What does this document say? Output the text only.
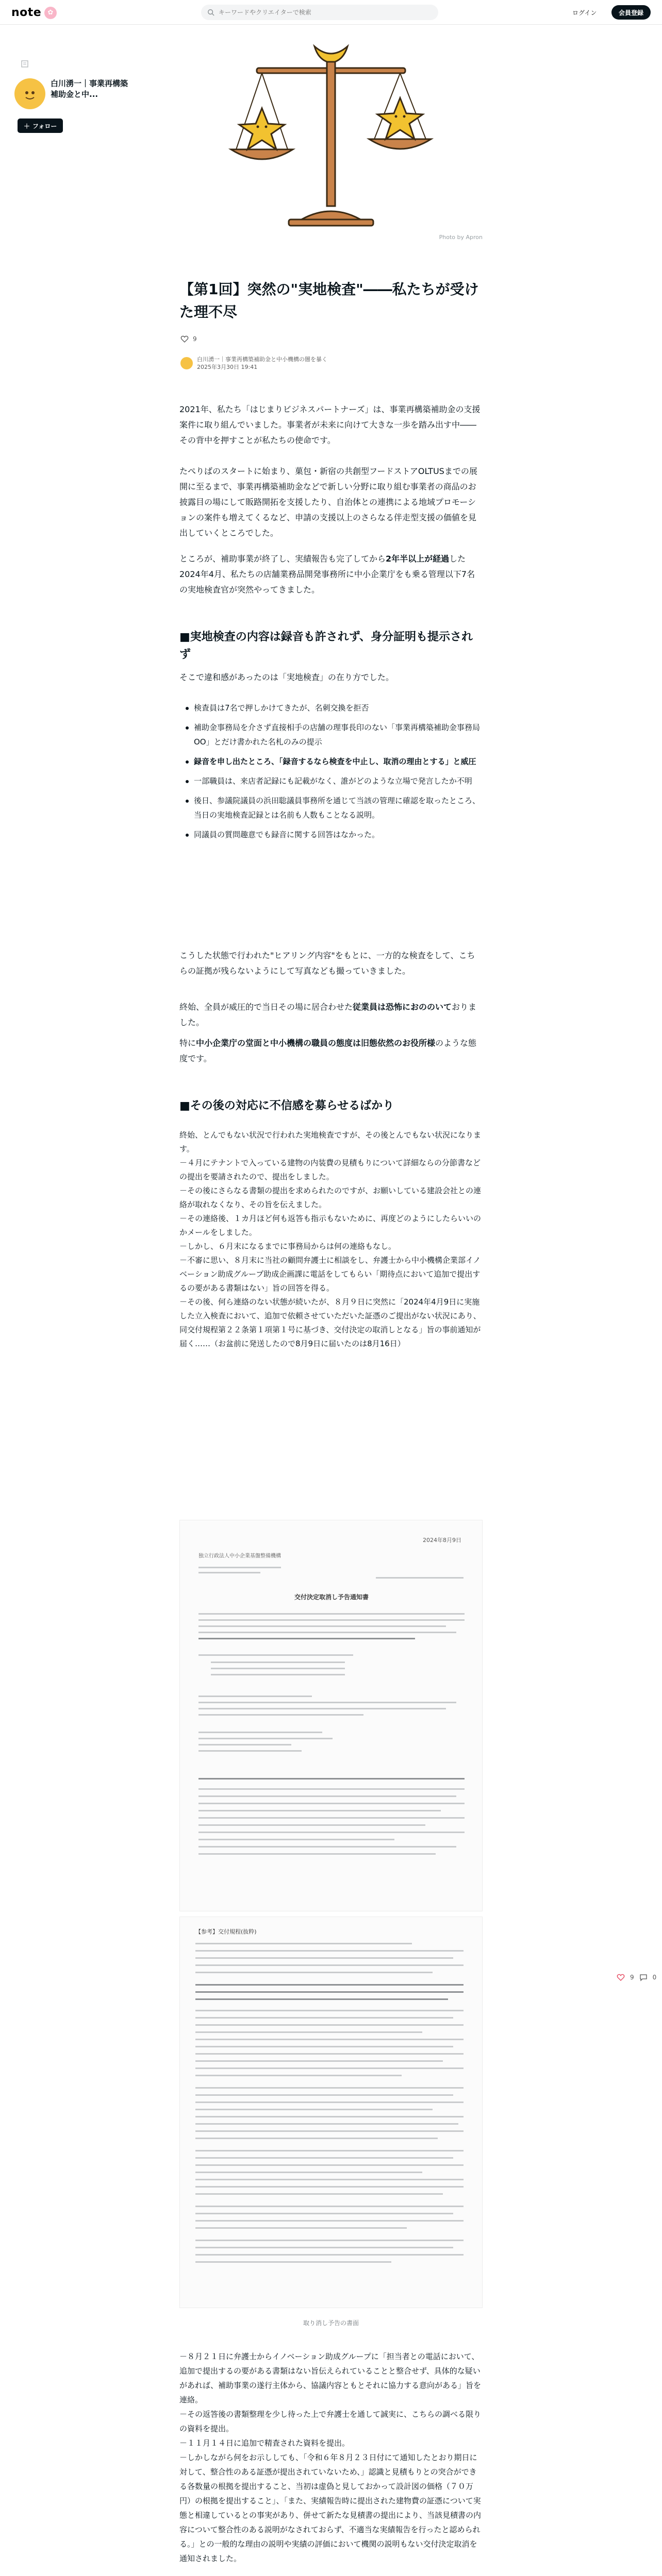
note ✿
キーワードやクリエイターで検索	ログイン	会員登録
白川湧一｜事業再構築補助金と中...
＋ フォロー
Photo by Apron
【第1回】突然の"実地検査"――私たちが受けた理不尽
9
白川湧一｜事業再構築補助金と中小機構の闇を暴く
2025年3月30日 19:41
2021年、私たち「はじまりビジネスパートナーズ」は、事業再構築補助金の支援案件に取り組んでいました。事業者が未来に向けて大きな一歩を踏み出す中――その背中を押すことが私たちの使命です。
たぺりばのスタートに始まり、菓包・新宿の共創型フードストアOLTUSまでの展開に至るまで、事業再構築補助金などで新しい分野に取り組む事業者の商品のお披露目の場にして販路開拓を支援したり、自治体との連携による地域プロモーションの案件も増えてくるなど、申請の支援以上のさらなる伴走型支援の価値を見出していくところでした。
ところが、補助事業が終了し、実績報告も完了してから2年半以上が経過した2024年4月、私たちの店舗業務品開発事務所に中小企業庁をも乗る管理以下7名の実地検査官が突然やってきました。
■実地検査の内容は録音も許されず、身分証明も提示されず
そこで違和感があったのは「実地検査」の在り方でした。
検査員は7名で押しかけてきたが、名刺交換を拒否
補助金事務局を介さず直接相手の店舗の理事長印のない「事業再構築補助金事務局　OO」とだけ書かれた名札のみの提示
録音を申し出たところ、「録音するなら検査を中止し、取消の理由とする」と威圧
一部職員は、来店者記録にも記載がなく、誰がどのような立場で発言したか不明
後日、参議院議員の浜田聡議員事務所を通じて当該の管理に確認を取ったところ、当日の実地検査記録とは名前も人数もことなる説明。
同議員の質問趣意でも録音に関する回答はなかった。
こうした状態で行われた"ヒアリング内容"をもとに、一方的な検査をして、こちらの証拠が残らないようにして写真なども撮っていきました。
終始、全員が威圧的で当日その場に居合わせた従業員は恐怖におののいておりました。
特に中小企業庁の堂面と中小機構の職員の態度は旧態依然のお役所様のような態度です。
■その後の対応に不信感を募らせるばかり
終始、とんでもない状況で行われた実地検査ですが、その後とんでもない状況になります。
－４月にテナントで入っている建物の内装費の見積もりについて詳細ならの分節書などの提出を要請されたので、提出をしました。
－その後にさらなる書類の提出を求められたのですが、お願いしている建設会社との連絡が取れなくなり、その旨を伝えました。
－その連絡後、１カ月ほど何も返答も指示もないために、再度どのようにしたらいいのかメールをしました。
－しかし、６月末になるまでに事務局からは何の連絡もなし。
－不審に思い、８月末に当社の顧問弁護士に相談をし、弁護士から中小機構企業部イノベーション助成グループ助成企画課に電話をしてもらい「期待点において追加で提出するの要がある書類はない」旨の回答を得る。
－その後、何ら連絡のない状態が続いたが、８月９日に突然に「2024年4月9日に実施した立入検査において、追加で依頼させていただいた証憑のご提出がない状況にあり、同交付規程第２２条第１項第１号に基づき、交付決定の取消しとなる」旨の事前通知が届く……（お盆前に発送したので8月9日に届いたのは8月16日）
2024年8月9日
独立行政法人中小企業基盤整備機構
交付決定取消し予告通知書
【参考】交付規程(抜粋)
取り消し予告の書面
－８月２１日に弁護士からイノベーション助成グループに「担当者との電話において、追加で提出するの要がある書類はない旨伝えられていることと整合せず、具体的な疑いがあれば、補助事業の遂行主体から、協議内容ともとそれに協力する意向がある」旨を連絡。
－その返答後の書類整理を少し待った上で弁護士を通して誠実に、こちらの調べる限りの資料を提出。
－１１月１４日に追加で精査された資料を提出。
－しかしながら何をお示ししても、「令和６年８月２３日付にて通知したとおり期日に対して、整合性のある証憑が提出されていないため、」認識と見積もりとの突合ができる各数量の根拠を提出すること、当初は虚偽と見しておかって設計図の価格（７０万円）の根拠を提出すること」、「また、実績報告時に提出された建物費の証憑について実態と相違しているとの事実があり、併せて新たな見積書の提出により、当該見積書の内容について整合性のある説明がなされておらず、不適当な実績報告を行ったと認められる。」との一般的な理由の説明や実績の評価において機関の説明もない交付決定取消を通知されました。
9	0
